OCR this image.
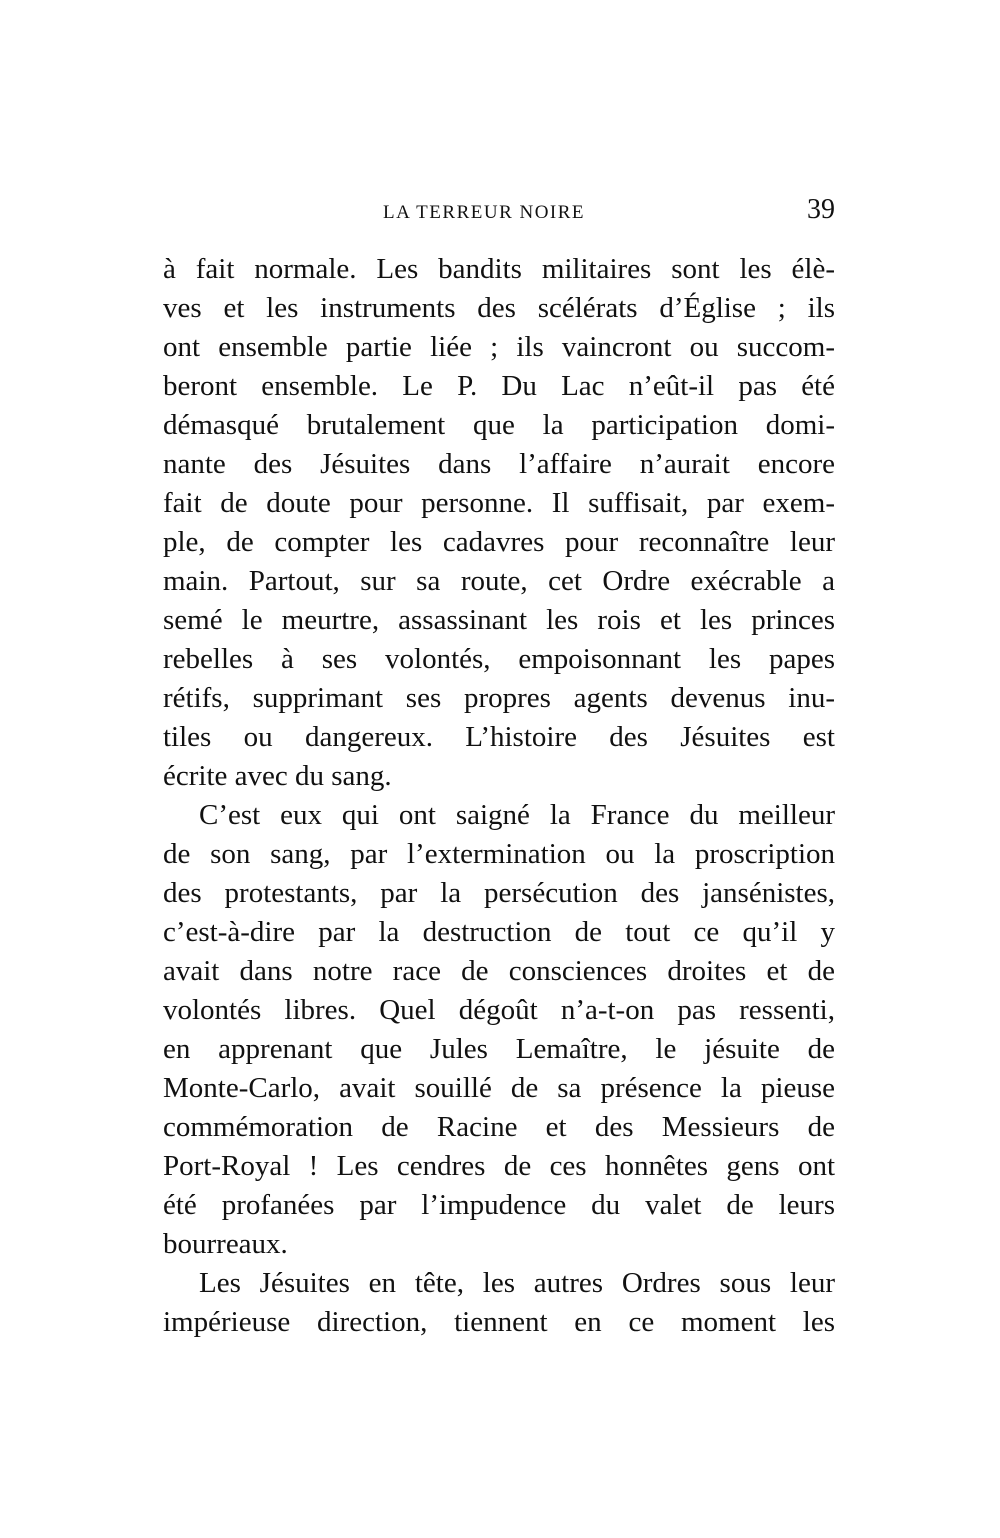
LA TERREUR NOIRE	39
à fait normale. Les bandits militaires sont les élè-
ves et les instruments des scélérats d’Église ; ils
ont ensemble partie liée ; ils vaincront ou succom-
beront ensemble. Le P. Du Lac n’eût-il pas été
démasqué brutalement que la participation domi-
nante des Jésuites dans l’affaire n’aurait encore
fait de doute pour personne. Il suffisait, par exem-
ple, de compter les cadavres pour reconnaître leur
main. Partout, sur sa route, cet Ordre exécrable a
semé le meurtre, assassinant les rois et les princes
rebelles à ses volontés, empoisonnant les papes
rétifs, supprimant ses propres agents devenus inu-
tiles ou dangereux. L’histoire des Jésuites est
écrite avec du sang.
C’est eux qui ont saigné la France du meilleur
de son sang, par l’extermination ou la proscription
des protestants, par la persécution des jansénistes,
c’est-à-dire par la destruction de tout ce qu’il y
avait dans notre race de consciences droites et de
volontés libres. Quel dégoût n’a-t-on pas ressenti,
en apprenant que Jules Lemaître, le jésuite de
Monte-Carlo, avait souillé de sa présence la pieuse
commémoration de Racine et des Messieurs de
Port-Royal ! Les cendres de ces honnêtes gens ont
été profanées par l’impudence du valet de leurs
bourreaux.
Les Jésuites en tête, les autres Ordres sous leur
impérieuse direction, tiennent en ce moment les
